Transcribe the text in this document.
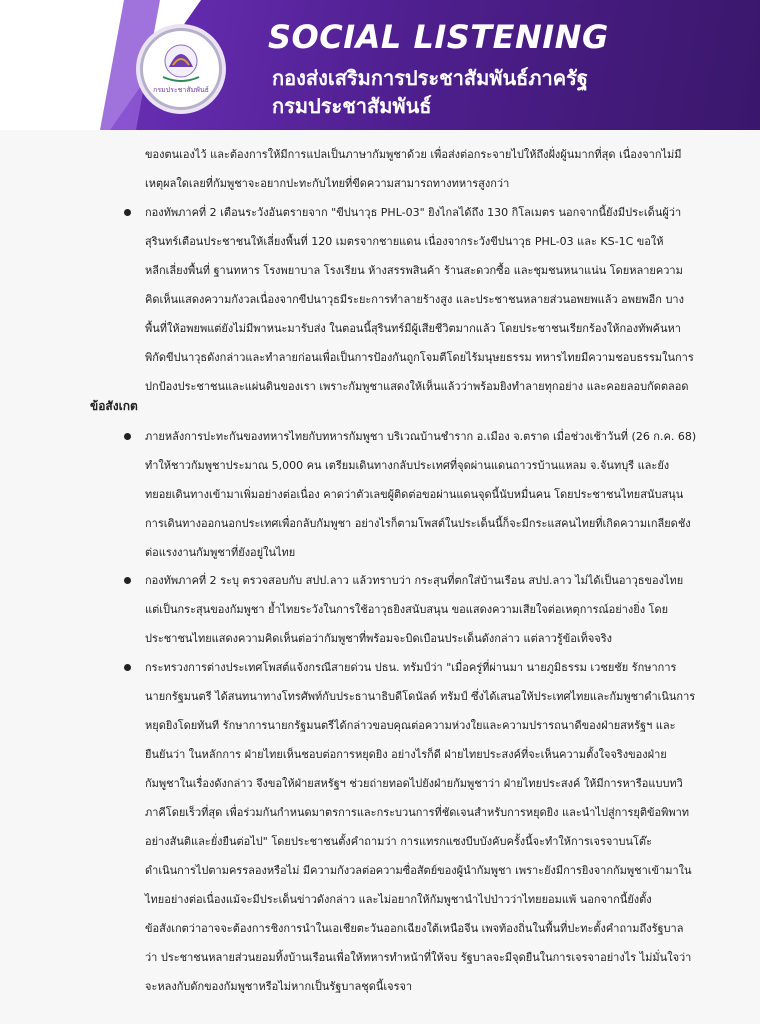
กรมประชาสัมพันธ์
SOCIAL LISTENING
กองส่งเสริมการประชาสัมพันธ์ภาครัฐ
กรมประชาสัมพันธ์
ของตนเองไว้ และต้องการให้มีการแปลเป็นภาษากัมพูชาด้วย เพื่อส่งต่อกระจายไปให้ถึงฝั่งผู้นมากที่สุด เนื่องจากไม่มี
เหตุผลใดเลยที่กัมพูชาจะอยากปะทะกับไทยที่ขีดความสามารถทางทหารสูงกว่า
กองทัพภาคที่ 2 เตือนระวังอันตรายจาก "ขีปนาวุธ PHL-03" ยิงไกลได้ถึง 130 กิโลเมตร นอกจากนี้ยังมีประเด็นผู้ว่า
สุรินทร์เตือนประชาชนให้เลี่ยงพื้นที่ 120 เมตรจากชายแดน เนื่องจากระวังขีปนาวุธ PHL-03 และ KS-1C ขอให้
หลีกเลี่ยงพื้นที่ ฐานทหาร โรงพยาบาล โรงเรียน ห้างสรรพสินค้า ร้านสะดวกซื้อ และชุมชนหนาแน่น โดยหลายความ
คิดเห็นแสดงความกังวลเนื่องจากขีปนาวุธมีระยะการทำลายร้างสูง และประชาชนหลายส่วนอพยพแล้ว อพยพอีก บาง
พื้นที่ให้อพยพแต่ยังไม่มีพาหนะมารับส่ง ในตอนนี้สุรินทร์มีผู้เสียชีวิตมากแล้ว โดยประชาชนเรียกร้องให้กองทัพค้นหา
พิกัดขีปนาวุธดังกล่าวและทำลายก่อนเพื่อเป็นการป้องกันถูกโจมตีโดยไร้มนุษยธรรม ทหารไทยมีความชอบธรรมในการ
ปกป้องประชาชนและแผ่นดินของเรา เพราะกัมพูชาแสดงให้เห็นแล้วว่าพร้อมยิงทำลายทุกอย่าง และคอยลอบกัดตลอด
ข้อสังเกต
ภายหลังการปะทะกันของทหารไทยกับทหารกัมพูชา บริเวณบ้านชำราก อ.เมือง จ.ตราด เมื่อช่วงเช้าวันที่ (26 ก.ค. 68)
ทำให้ชาวกัมพูชาประมาณ 5,000 คน เตรียมเดินทางกลับประเทศที่จุดผ่านแดนถาวรบ้านแหลม จ.จันทบุรี และยัง
ทยอยเดินทางเข้ามาเพิ่มอย่างต่อเนื่อง คาดว่าตัวเลขผู้ติดต่อขอผ่านแดนจุดนี้นับหมื่นคน โดยประชาชนไทยสนับสนุน
การเดินทางออกนอกประเทศเพื่อกลับกัมพูชา อย่างไรก็ตามโพสต์ในประเด็นนี้ก็จะมีกระแสคนไทยที่เกิดความเกลียดชัง
ต่อแรงงานกัมพูชาที่ยังอยู่ในไทย
กองทัพภาคที่ 2 ระบุ ตรวจสอบกับ สปป.ลาว แล้วทราบว่า กระสุนที่ตกใส่บ้านเรือน สปป.ลาว ไม่ได้เป็นอาวุธของไทย
แต่เป็นกระสุนของกัมพูชา ย้ำไทยระวังในการใช้อาวุธยิงสนับสนุน ขอแสดงความเสียใจต่อเหตุการณ์อย่างยิ่ง โดย
ประชาชนไทยแสดงความคิดเห็นต่อว่ากัมพูชาที่พร้อมจะบิดเบือนประเด็นดังกล่าว แต่ลาวรู้ข้อเท็จจริง
กระทรวงการต่างประเทศโพสต์แจ้งกรณีสายด่วน ปธน. ทรัมป์ว่า "เมื่อครู่ที่ผ่านมา นายภูมิธรรม เวชยชัย รักษาการ
นายกรัฐมนตรี ได้สนทนาทางโทรศัพท์กับประธานาธิบดีโดนัลด์ ทรัมป์ ซึ่งได้เสนอให้ประเทศไทยและกัมพูชาดำเนินการ
หยุดยิงโดยทันที รักษาการนายกรัฐมนตรีได้กล่าวขอบคุณต่อความห่วงใยและความปรารถนาดีของฝ่ายสหรัฐฯ และ
ยืนยันว่า ในหลักการ ฝ่ายไทยเห็นชอบต่อการหยุดยิง อย่างไรก็ดี ฝ่ายไทยประสงค์ที่จะเห็นความตั้งใจจริงของฝ่าย
กัมพูชาในเรื่องดังกล่าว จึงขอให้ฝ่ายสหรัฐฯ ช่วยถ่ายทอดไปยังฝ่ายกัมพูชาว่า ฝ่ายไทยประสงค์ ให้มีการหารือแบบทวิ
ภาคีโดยเร็วที่สุด เพื่อร่วมกันกำหนดมาตรการและกระบวนการที่ชัดเจนสำหรับการหยุดยิง และนำไปสู่การยุติข้อพิพาท
อย่างสันติและยั่งยืนต่อไป" โดยประชาชนตั้งคำถามว่า การแทรกแซงบีบบังคับครั้งนี้จะทำให้การเจรจาบนโต๊ะ
ดำเนินการไปตามครรลองหรือไม่ มีความกังวลต่อความซื่อสัตย์ของผู้นำกัมพูชา เพราะยังมีการยิงจากกัมพูชาเข้ามาใน
ไทยอย่างต่อเนื่องแม้จะมีประเด็นข่าวดังกล่าว และไม่อยากให้กัมพูชานำไปป่าวว่าไทยยอมแพ้ นอกจากนี้ยังตั้ง
ข้อสังเกตว่าอาจจะต้องการชิงการนำในเอเชียตะวันออกเฉียงใต้เหนือจีน เพจท้องถิ่นในพื้นที่ปะทะตั้งคำถามถึงรัฐบาล
ว่า ประชาชนหลายส่วนยอมทิ้งบ้านเรือนเพื่อให้ทหารทำหน้าที่ให้จบ รัฐบาลจะมีจุดยืนในการเจรจาอย่างไร ไม่มั่นใจว่า
จะหลงกับดักของกัมพูชาหรือไม่หากเป็นรัฐบาลชุดนี้เจรจา
